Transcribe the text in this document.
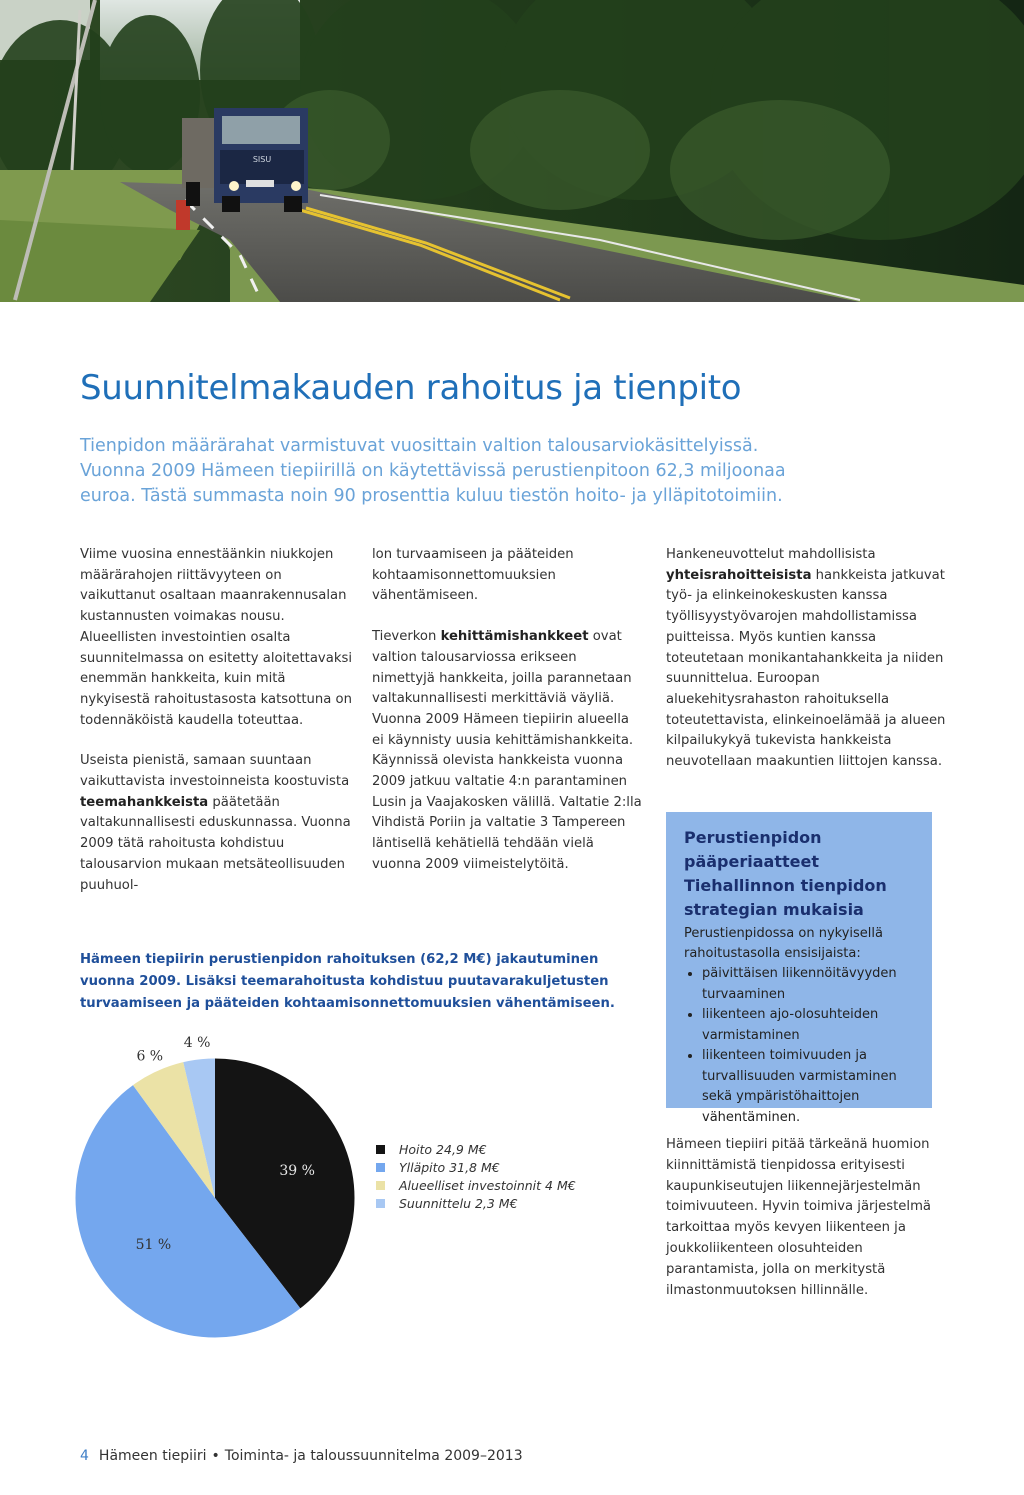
SISU
Suunnitelmakauden rahoitus ja tienpito

Tienpidon määrärahat varmistuvat vuosittain valtion talousarviokäsittelyissä. Vuonna 2009 Hämeen tiepiirillä on käytettävissä perustienpitoon 62,3 miljoonaa euroa. Tästä summasta noin 90 prosenttia kuluu tiestön hoito- ja ylläpitotoimiin.

Viime vuosina ennestäänkin niukkojen määrärahojen riittävyyteen on vaikuttanut osaltaan maanrakennusalan kustannusten voimakas nousu. Alueellisten investointien osalta suunnitelmassa on esitetty aloitettavaksi enemmän hankkeita, kuin mitä nykyisestä rahoitustasosta katsottuna on todennäköistä kaudella toteuttaa.

Useista pienistä, samaan suuntaan vaikuttavista investoinneista koostuvista teemahankkeista päätetään valtakunnallisesti eduskunnassa. Vuonna 2009 tätä rahoitusta kohdistuu talousarvion mukaan metsäteollisuuden puuhuol-

lon turvaamiseen ja pääteiden kohtaamisonnettomuuksien vähentämiseen.

Tieverkon kehittämishankkeet ovat valtion talousarviossa erikseen nimettyjä hankkeita, joilla parannetaan valtakunnallisesti merkittäviä väyliä. Vuonna 2009 Hämeen tiepiirin alueella ei käynnisty uusia kehittämishankkeita. Käynnissä olevista hankkeista vuonna 2009 jatkuu valtatie 4:n parantaminen Lusin ja Vaajakosken välillä. Valtatie 2:lla Vihdistä Poriin ja valtatie 3 Tampereen läntisellä kehätiellä tehdään vielä vuonna 2009 viimeistelytöitä.

Hankeneuvottelut mahdollisista yhteisrahoitteisista hankkeista jatkuvat työ- ja elinkeinokeskusten kanssa työllisyystyövarojen mahdollistamissa puitteissa. Myös kuntien kanssa toteutetaan monikantahankkeita ja niiden suunnittelua. Euroopan aluekehitysrahaston rahoituksella toteutettavista, elinkeinoelämää ja alueen kilpailukykyä tukevista hankkeista neuvotellaan maakuntien liittojen kanssa.

Perustienpidon pääperiaatteet Tiehallinnon tienpidon strategian mukaisia

Perustienpidossa on nykyisellä rahoitustasolla ensisijaista:

• päivittäisen liikennöitävyyden turvaaminen
• liikenteen ajo-olosuhteiden varmistaminen
• liikenteen toimivuuden ja turvallisuuden varmistaminen sekä ympäristöhaittojen vähentäminen.

Hämeen tiepiiri pitää tärkeänä huomion kiinnittämistä tienpidossa erityisesti kaupunkiseutujen liikennejärjestelmän toimivuuteen. Hyvin toimiva järjestelmä tarkoittaa myös kevyen liikenteen ja joukkoliikenteen olosuhteiden parantamista, jolla on merkitystä ilmastonmuutoksen hillinnälle.

Hämeen tiepiirin perustienpidon rahoituksen (62,2 M€) jakautuminen vuonna 2009. Lisäksi teemarahoitusta kohdistuu puutavarakuljetusten turvaamiseen ja pääteiden kohtaamisonnettomuuksien vähentämiseen.

39 %
51 %
6 %
4 %
Hoito 24,9 M€
Ylläpito 31,8 M€
Alueelliset investoinnit 4 M€
Suunnittelu 2,3 M€
4 Hämeen tiepiiri • Toiminta- ja taloussuunnitelma 2009–2013
